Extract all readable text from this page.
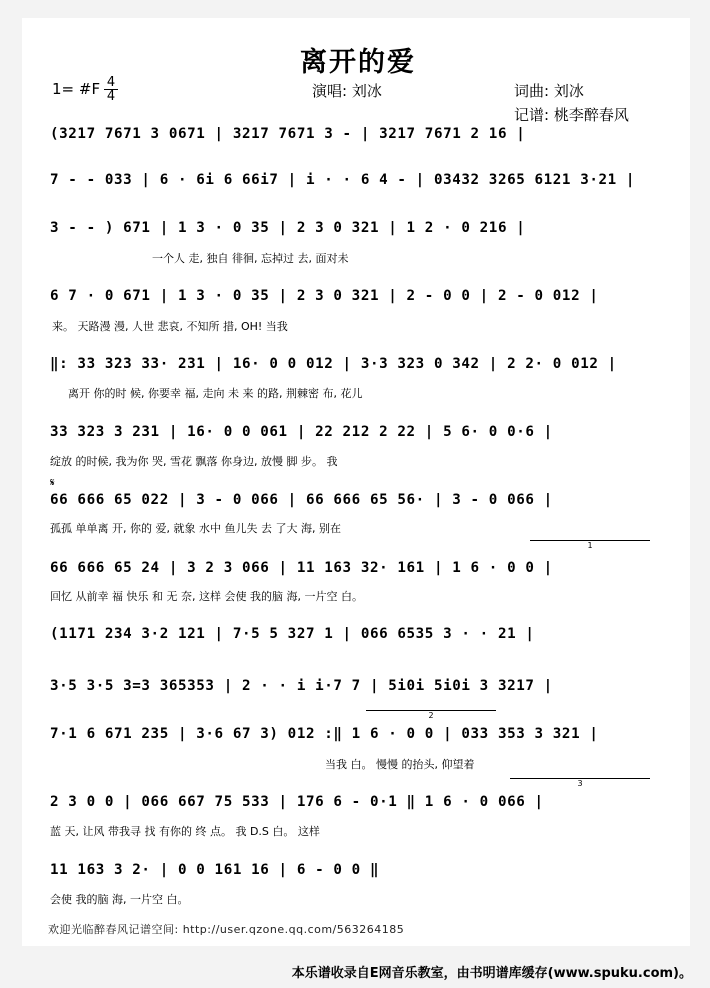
离开的爱
1= #F 4
4	演唱: 刘冰	词曲: 刘冰
记谱: 桃李醉春风
(3217 7671 3 0671 | 3217 7671 3 - | 3217 7671 2 16 |
7 - - 033 | 6 · 6i 6 66i7 | i · · 6 4 - | 03432 3265 6121 3·21 |
3 - - ) 671 | 1 3 · 0 35 | 2 3 0 321 | 1 2 · 0 216 |
一个人 走, 独自 徘徊, 忘掉过 去, 面对未
6 7 · 0 671 | 1 3 · 0 35 | 2 3 0 321 | 2 - 0 0 | 2 - 0 012 |
来。 天路漫 漫, 人世 悲哀, 不知所 措, OH! 当我
‖: 33 323 33· 231 | 16· 0 0 012 | 3·3 323 0 342 | 2 2· 0 012 |
离开 你的时 候, 你要幸 福, 走向 未 来 的路, 荆棘密 布, 花儿
33 323 3 231 | 16· 0 0 061 | 22 212 2 22 | 5 6· 0 0·6 |
绽放 的时候, 我为你 哭, 雪花 飘落 你身边, 放慢 脚 步。 我
𝄋
66 666 65 022 | 3 - 0 066 | 66 666 65 56· | 3 - 0 066 |
孤孤 单单离 开, 你的 爱, 就象 水中 鱼儿失 去 了大 海, 别在
1
66 666 65 24 | 3 2 3 066 | 11 163 32· 161 | 1 6 · 0 0 |
回忆 从前幸 福 快乐 和 无 奈, 这样 会使 我的脑 海, 一片空 白。
(1171 234 3·2 121 | 7·5 5 327 1 | 066 6535 3 · · 21 |
3·5 3·5 3=3 365353 | 2 · · i i·7 7 | 5i0i 5i0i 3 3217 |
2
7·1 6 671 235 | 3·6 67 3) 012 :‖ 1 6 · 0 0 | 033 353 3 321 |
当我 白。 慢慢 的抬头, 仰望着
3
2 3 0 0 | 066 667 75 533 | 176 6 - 0·1 ‖ 1 6 · 0 066 |
蓝 天, 让风 带我寻 找 有你的 终 点。 我 D.S 白。 这样
11 163 3 2· | 0 0 161 16 | 6 - 0 0 ‖
会使 我的脑 海, 一片空 白。
欢迎光临醉春风记谱空间: http://user.qzone.qq.com/563264185
本乐谱收录自E网音乐教室，由书明谱库缓存(www.spuku.com)。
